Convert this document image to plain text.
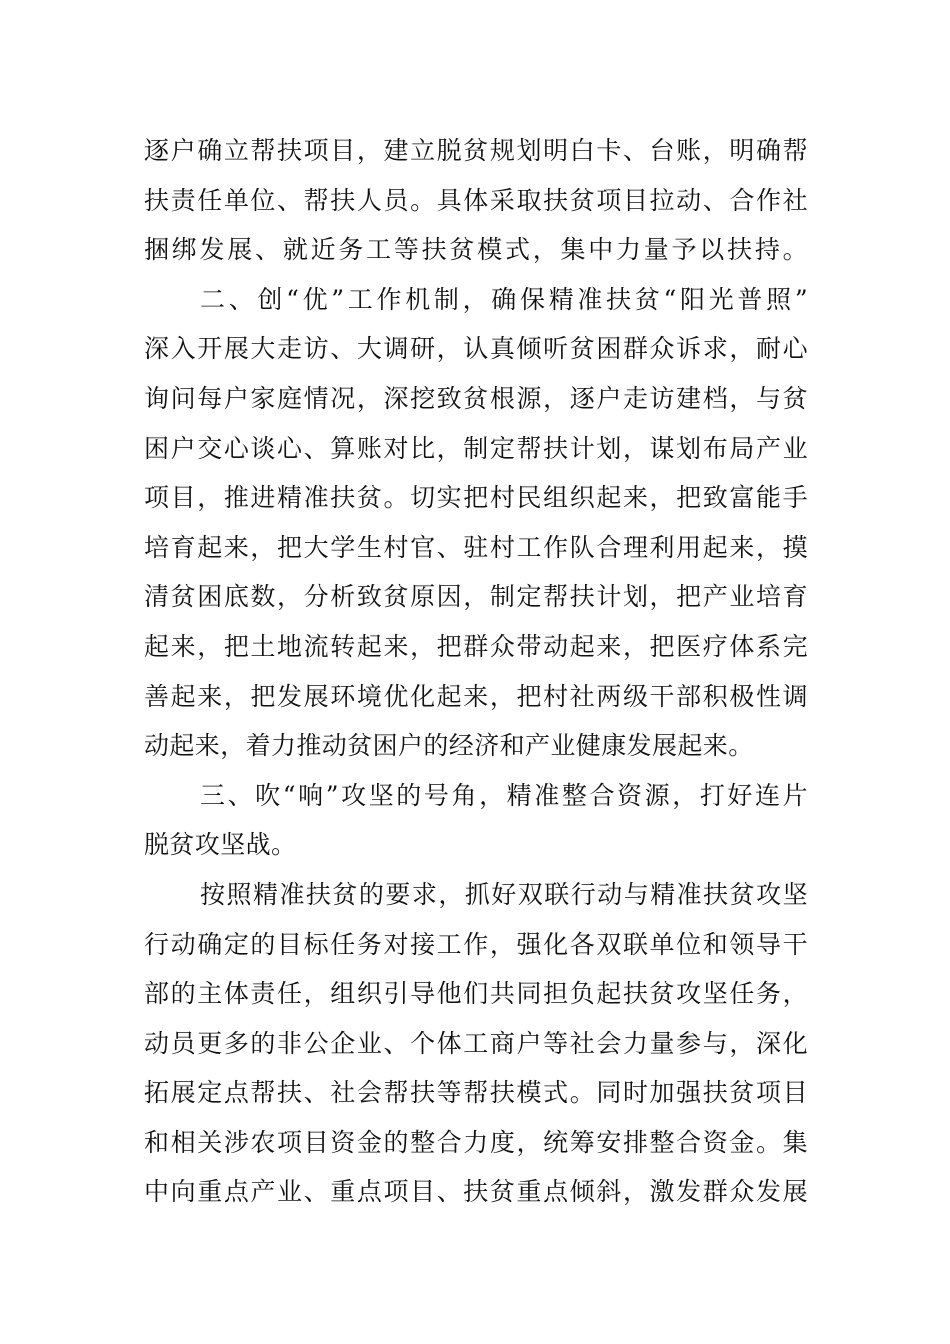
逐户确立帮扶项目，建立脱贫规划明白卡、台账，明确帮
扶责任单位、帮扶人员。具体采取扶贫项目拉动、合作社
捆绑发展、就近务工等扶贫模式，集中力量予以扶持。
二、创“优”工作机制，确保精准扶贫“阳光普照”
深入开展大走访、大调研，认真倾听贫困群众诉求，耐心
询问每户家庭情况，深挖致贫根源，逐户走访建档，与贫
困户交心谈心、算账对比，制定帮扶计划，谋划布局产业
项目，推进精准扶贫。切实把村民组织起来，把致富能手
培育起来，把大学生村官、驻村工作队合理利用起来，摸
清贫困底数，分析致贫原因，制定帮扶计划，把产业培育
起来，把土地流转起来，把群众带动起来，把医疗体系完
善起来，把发展环境优化起来，把村社两级干部积极性调
动起来，着力推动贫困户的经济和产业健康发展起来。
三、吹“响”攻坚的号角，精准整合资源，打好连片
脱贫攻坚战。
按照精准扶贫的要求，抓好双联行动与精准扶贫攻坚
行动确定的目标任务对接工作，强化各双联单位和领导干
部的主体责任，组织引导他们共同担负起扶贫攻坚任务，
动员更多的非公企业、个体工商户等社会力量参与，深化
拓展定点帮扶、社会帮扶等帮扶模式。同时加强扶贫项目
和相关涉农项目资金的整合力度，统筹安排整合资金。集
中向重点产业、重点项目、扶贫重点倾斜，激发群众发展
